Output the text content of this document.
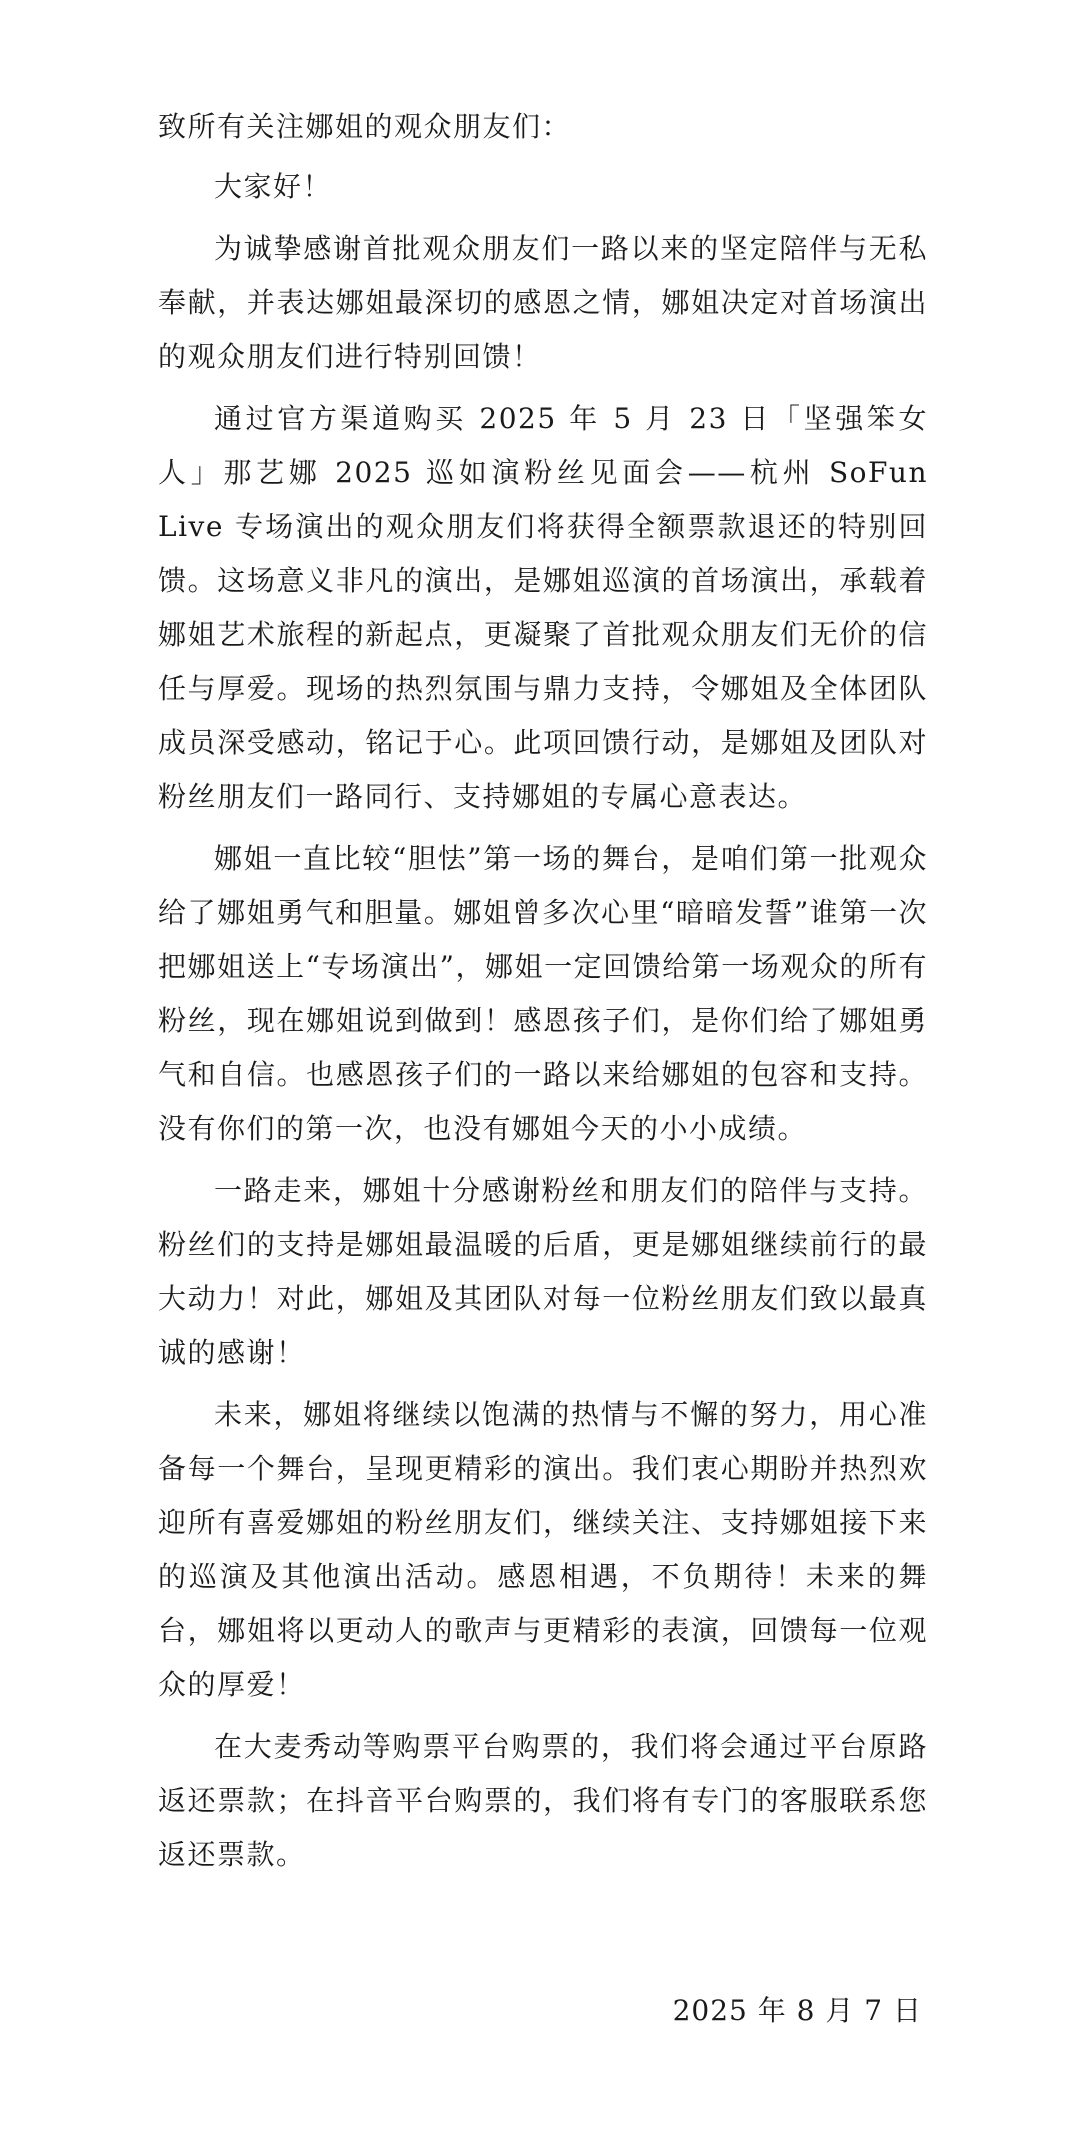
致所有关注娜姐的观众朋友们：

大家好！

为诚挚感谢首批观众朋友们一路以来的坚定陪伴与无私奉献，并表达娜姐最深切的感恩之情，娜姐决定对首场演出的观众朋友们进行特别回馈！

通过官方渠道购买 2025 年 5 月 23 日「坚强笨女人」那艺娜 2025 巡如演粉丝见面会——杭州 SoFun Live 专场演出的观众朋友们将获得全额票款退还的特别回馈。这场意义非凡的演出，是娜姐巡演的首场演出，承载着娜姐艺术旅程的新起点，更凝聚了首批观众朋友们无价的信任与厚爱。现场的热烈氛围与鼎力支持，令娜姐及全体团队成员深受感动，铭记于心。此项回馈行动，是娜姐及团队对粉丝朋友们一路同行、支持娜姐的专属心意表达。

娜姐一直比较“胆怯”第一场的舞台，是咱们第一批观众给了娜姐勇气和胆量。娜姐曾多次心里“暗暗发誓”谁第一次把娜姐送上“专场演出”，娜姐一定回馈给第一场观众的所有粉丝，现在娜姐说到做到！感恩孩子们，是你们给了娜姐勇气和自信。也感恩孩子们的一路以来给娜姐的包容和支持。没有你们的第一次，也没有娜姐今天的小小成绩。

一路走来，娜姐十分感谢粉丝和朋友们的陪伴与支持。粉丝们的支持是娜姐最温暖的后盾，更是娜姐继续前行的最大动力！对此，娜姐及其团队对每一位粉丝朋友们致以最真诚的感谢！

未来，娜姐将继续以饱满的热情与不懈的努力，用心准备每一个舞台，呈现更精彩的演出。我们衷心期盼并热烈欢迎所有喜爱娜姐的粉丝朋友们，继续关注、支持娜姐接下来的巡演及其他演出活动。感恩相遇，不负期待！未来的舞台，娜姐将以更动人的歌声与更精彩的表演，回馈每一位观众的厚爱！

在大麦秀动等购票平台购票的，我们将会通过平台原路返还票款；在抖音平台购票的，我们将有专门的客服联系您返还票款。

2025 年 8 月 7 日
